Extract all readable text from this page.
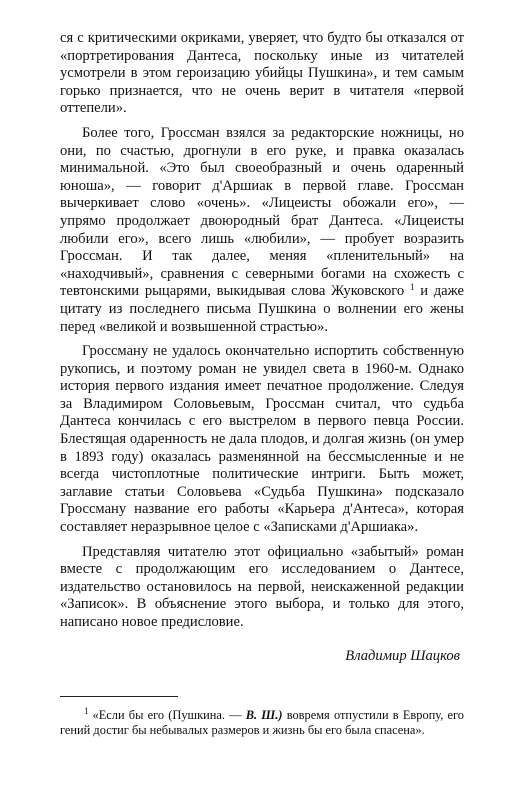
ся с критическими окриками, уверяет, что будто бы отказался от «портретирования Дантеса, поскольку иные из читателей усмотрели в этом героизацию убийцы Пушкина», и тем самым горько признается, что не очень верит в читателя «первой оттепели».

Более того, Гроссман взялся за редакторские ножницы, но они, по счастью, дрогнули в его руке, и правка оказалась минимальной. «Это был своеобразный и очень одаренный юноша», — говорит д'Аршиак в первой главе. Гроссман вычеркивает слово «очень». «Лицеисты обожали его», — упрямо продолжает двоюродный брат Дантеса. «Лицеисты любили его», всего лишь «любили», — пробует возразить Гроссман. И так далее, меняя «пленительный» на «находчивый», сравнения с северными богами на схожесть с тевтонскими рыцарями, выкидывая слова Жуковского $^1$ и даже цитату из последнего письма Пушкина о волнении его жены перед «великой и возвышенной страстью».

Гроссману не удалось окончательно испортить собственную рукопись, и поэтому роман не увидел света в 1960-м. Однако история первого издания имеет печатное продолжение. Следуя за Владимиром Соловьевым, Гроссман считал, что судьба Дантеса кончилась с его выстрелом в первого певца России. Блестящая одаренность не дала плодов, и долгая жизнь (он умер в 1893 году) оказалась разменянной на бессмысленные и не всегда чистоплотные политические интриги. Быть может, заглавие статьи Соловьева «Судьба Пушкина» подсказало Гроссману название его работы «Карьера д'Антеса», которая составляет неразрывное целое с «Записками д'Аршиака».

Представляя читателю этот официально «забытый» роман вместе с продолжающим его исследованием о Дантесе, издательство остановилось на первой, неискаженной редакции «Записок». В объяснение этого выбора, и только для этого, написано новое предисловие.

Владимир Шацков
$^1$ «Если бы его (Пушкина. — В. Ш.) вовремя отпустили в Европу, его гений достиг бы небывалых размеров и жизнь бы его была спасена».
